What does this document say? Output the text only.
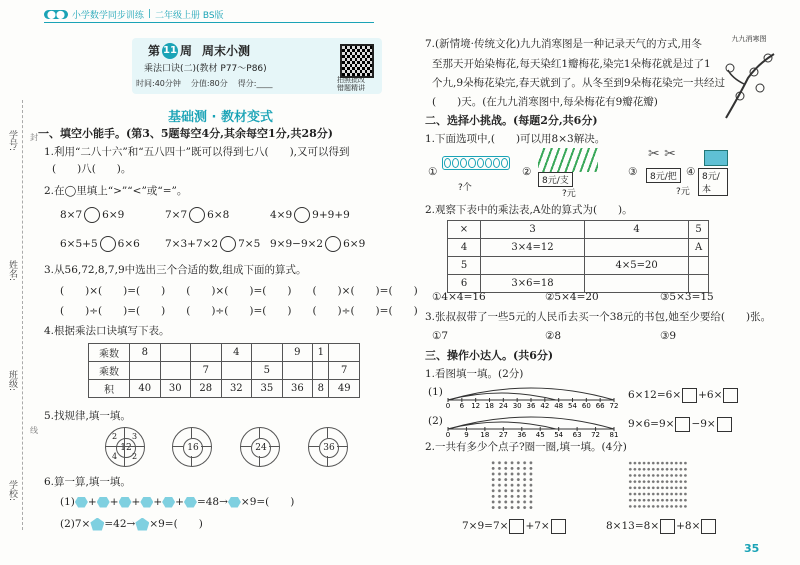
⬤⬤ 小学数学同步训练 | 二年级上册 BS版
学号:
姓名:
班级:
学校:
封
线
第 11 周 周末小测
乘法口诀(二)(教材 P77～P86)
时间:40分钟 分值:80分 得分:____	拍照批改
错题精讲
基础测 · 教材变式
一、填空小能手。(第3、5题每空4分,其余每空1分,共28分)
1.利用“二八十六”和“五八四十”既可以得到七八(　　),又可以得到
(　　)八(　　)。
2.在◯里填上“>”“<”或“=”。
8×7 6×9	7×7 6×8	4×9 9+9+9
6×5+5 6×6 7×3+7×2 7×5 9×9−9×2 6×9
3.从56,72,8,7,9中选出三个合适的数,组成下面的算式。
(　　)×(　　)=(　　)　　(　　)×(　　)=(　　)　　(　　)×(　　)=(　　)
(　　)÷(　　)=(　　)　　(　　)÷(　　)=(　　)　　(　　)÷(　　)=(　　)
4.根据乘法口诀填写下表。
乘数	8			4		9	1	
乘数			7		5			7
积	40	30	28	32	35	36	8	49
5.找规律,填一填。
12
2 3
4 2
16	24	36
6.算一算,填一填。
(1) + + + + + =48→ ×9=(　　)
(2)7× =42→ ×9=(　　)
7.(新情境·传统文化)九九消寒图是一种记录天气的方式,用冬
至那天开始染梅花,每天染红1瓣梅花,染完1朵梅花就是过了1
个九,9朵梅花染完,春天就到了。从冬至到9朵梅花染完一共经过
(　　)天。(在九九消寒图中,每朵梅花有9瓣花瓣)
九九消寒图
二、选择小挑战。(每题2分,共6分)
1.下面选项中,(　　)可以用8×3解决。
①
?个
②
8元/支
?元
③
✂ ✂
8元/把 ④ 8元/本
?元
2.观察下表中的乘法表,A处的算式为(　　)。
×	3	4	5
4	3×4=12		A
5		4×5=20	
6	3×6=18		
①4×4=16	②5×4=20	③5×3=15
3.张叔叔带了一些5元的人民币去买一个38元的书包,她至少要给(　　)张。
①7	②8	③9
三、操作小达人。(共6分)
1.看图填一填。(2分)
(1)
0 6 12 18 24 30 36 42 48 54 60 66 72
(2)
0 9 18 27 36 45 54 63 72 81
6×12=6× +6×
9×6=9× −9×
2.一共有多少个点子?圈一圈,填一填。(4分)
7×9=7× +7×	8×13=8× +8×
35
